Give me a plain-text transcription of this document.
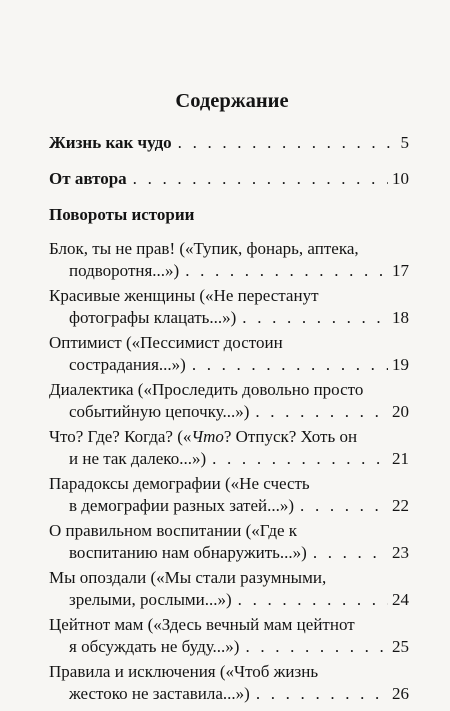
Содержание
Жизнь как чудо . . .	5
От автора . . .	10
Повороты истории
Блок, ты не прав! («Тупик, фонарь, аптека,
подворотня...») . . .	17
Красивые женщины («Не перестанут
фотографы клацать...») . . .	18
Оптимист («Пессимист достоин
сострадания...») . . .	19
Диалектика («Проследить довольно просто
событийную цепочку...») . . .	20
Что? Где? Когда? («Что? Отпуск? Хоть он
и не так далеко...») . . .	21
Парадоксы демографии («Не счесть
в демографии разных затей...») . . .	22
О правильном воспитании («Где к
воспитанию нам обнаружить...») . . .	23
Мы опоздали («Мы стали разумными,
зрелыми, рослыми...») . . .	24
Цейтнот мам («Здесь вечный мам цейтнот
я обсуждать не буду...») . . .	25
Правила и исключения («Чтоб жизнь
жестоко не заставила...») . . .	26
